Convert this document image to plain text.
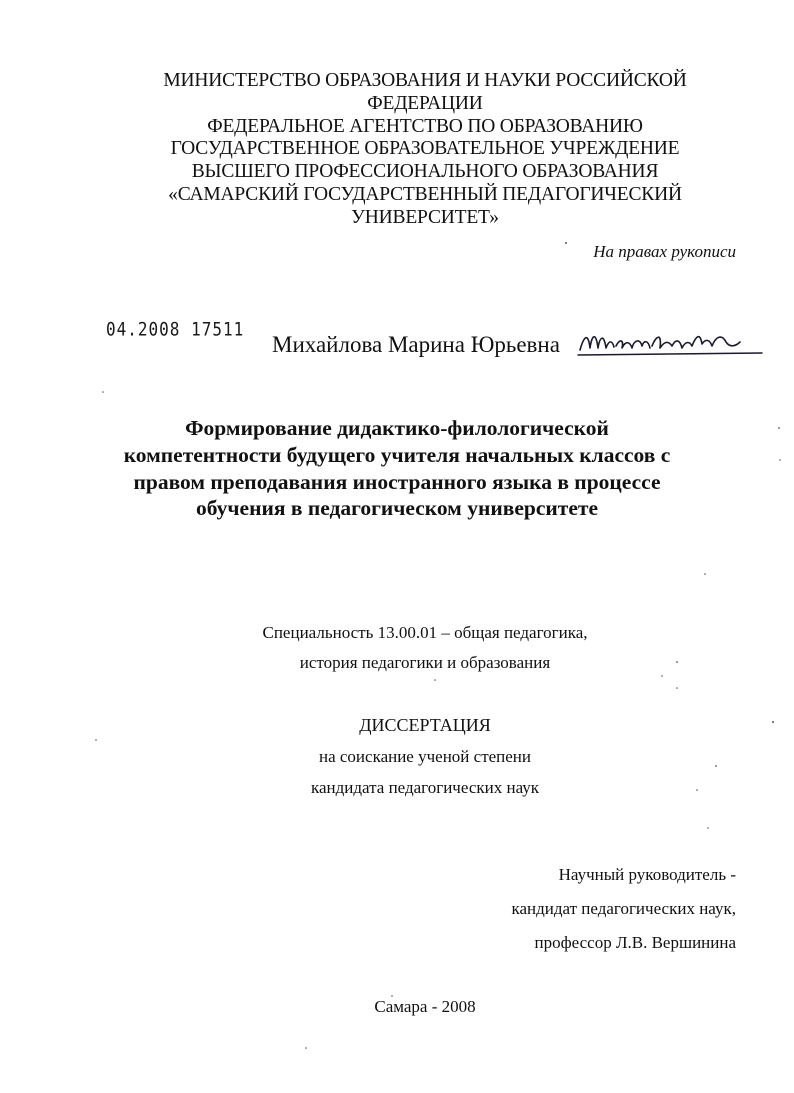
МИНИСТЕРСТВО ОБРАЗОВАНИЯ И НАУКИ РОССИЙСКОЙ
ФЕДЕРАЦИИ
ФЕДЕРАЛЬНОЕ АГЕНТСТВО ПО ОБРАЗОВАНИЮ
ГОСУДАРСТВЕННОЕ ОБРАЗОВАТЕЛЬНОЕ УЧРЕЖДЕНИЕ
ВЫСШЕГО ПРОФЕССИОНАЛЬНОГО ОБРАЗОВАНИЯ
«САМАРСКИЙ ГОСУДАРСТВЕННЫЙ ПЕДАГОГИЧЕСКИЙ
УНИВЕРСИТЕТ»
На правах рукописи
04.2008 17511
Михайлова Марина Юрьевна
Формирование дидактико-филологической
компетентности будущего учителя начальных классов с
правом преподавания иностранного языка в процессе
обучения в педагогическом университете
Специальность 13.00.01 – общая педагогика,
история педагогики и образования
ДИССЕРТАЦИЯ
на соискание ученой степени
кандидата педагогических наук
Научный руководитель -
кандидат педагогических наук,
профессор Л.В. Вершинина
Самара - 2008
